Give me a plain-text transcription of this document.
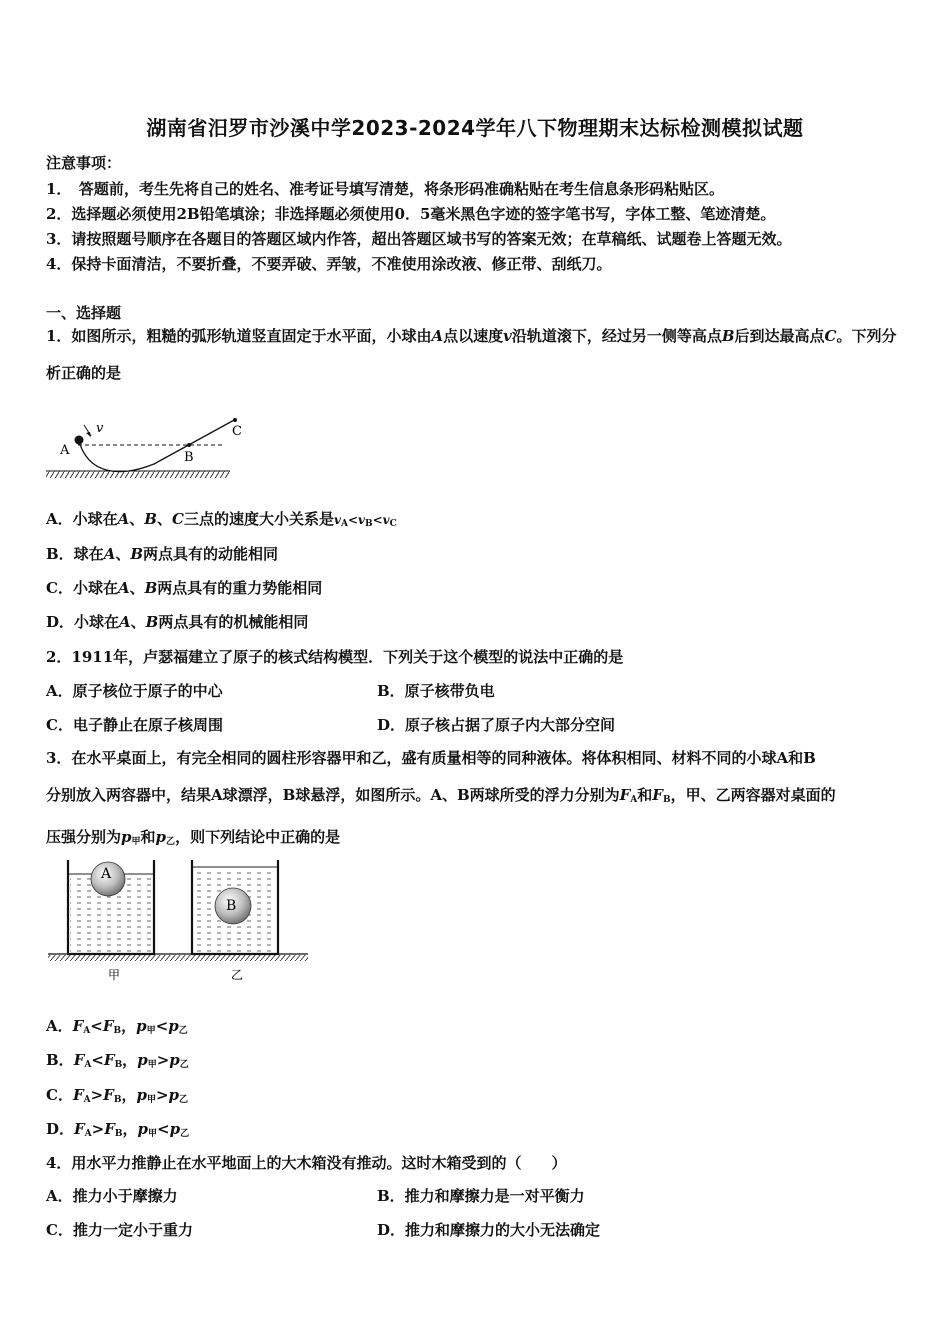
湖南省汨罗市沙溪中学2023-2024学年八下物理期末达标检测模拟试题
注意事项：
1．　答题前，考生先将自己的姓名、准考证号填写清楚，将条形码准确粘贴在考生信息条形码粘贴区。
2．选择题必须使用2B铅笔填涂；非选择题必须使用0．5毫米黑色字迹的签字笔书写，字体工整、笔迹清楚。
3．请按照题号顺序在各题目的答题区域内作答，超出答题区域书写的答案无效；在草稿纸、试题卷上答题无效。
4．保持卡面清洁，不要折叠，不要弄破、弄皱，不准使用涂改液、修正带、刮纸刀。
一、选择题
1．如图所示，粗糙的弧形轨道竖直固定于水平面，小球由A点以速度v沿轨道滚下，经过另一侧等高点B后到达最高点C。下列分析正确的是
v
A	B
C
A．小球在A、B、C三点的速度大小关系是$v_A<v_B<v_C$
B．球在A、B两点具有的动能相同
C．小球在A、B两点具有的重力势能相同
D．小球在A、B两点具有的机械能相同
2．1911年，卢瑟福建立了原子的核式结构模型．下列关于这个模型的说法中正确的是
A．原子核位于原子的中心	B．原子核带负电
C．电子静止在原子核周围	D．原子核占据了原子内大部分空间
3．在水平桌面上，有完全相同的圆柱形容器甲和乙，盛有质量相等的同种液体。将体积相同、材料不同的小球A和B
分别放入两容器中，结果A球漂浮，B球悬浮，如图所示。A、B两球所受的浮力分别为$F_A$和$F_B$，甲、乙两容器对桌面的
压强分别为$p_甲$和$p_乙$，则下列结论中正确的是
A
B
甲	乙
A．$F_A<F_B$，$p_甲<p_乙$
B．$F_A<F_B$，$p_甲>p_乙$
C．$F_A>F_B$，$p_甲>p_乙$
D．$F_A>F_B$，$p_甲<p_乙$
4．用水平力推静止在水平地面上的大木箱没有推动。这时木箱受到的（　　）
A．推力小于摩擦力	B．推力和摩擦力是一对平衡力
C．推力一定小于重力	D．推力和摩擦力的大小无法确定
